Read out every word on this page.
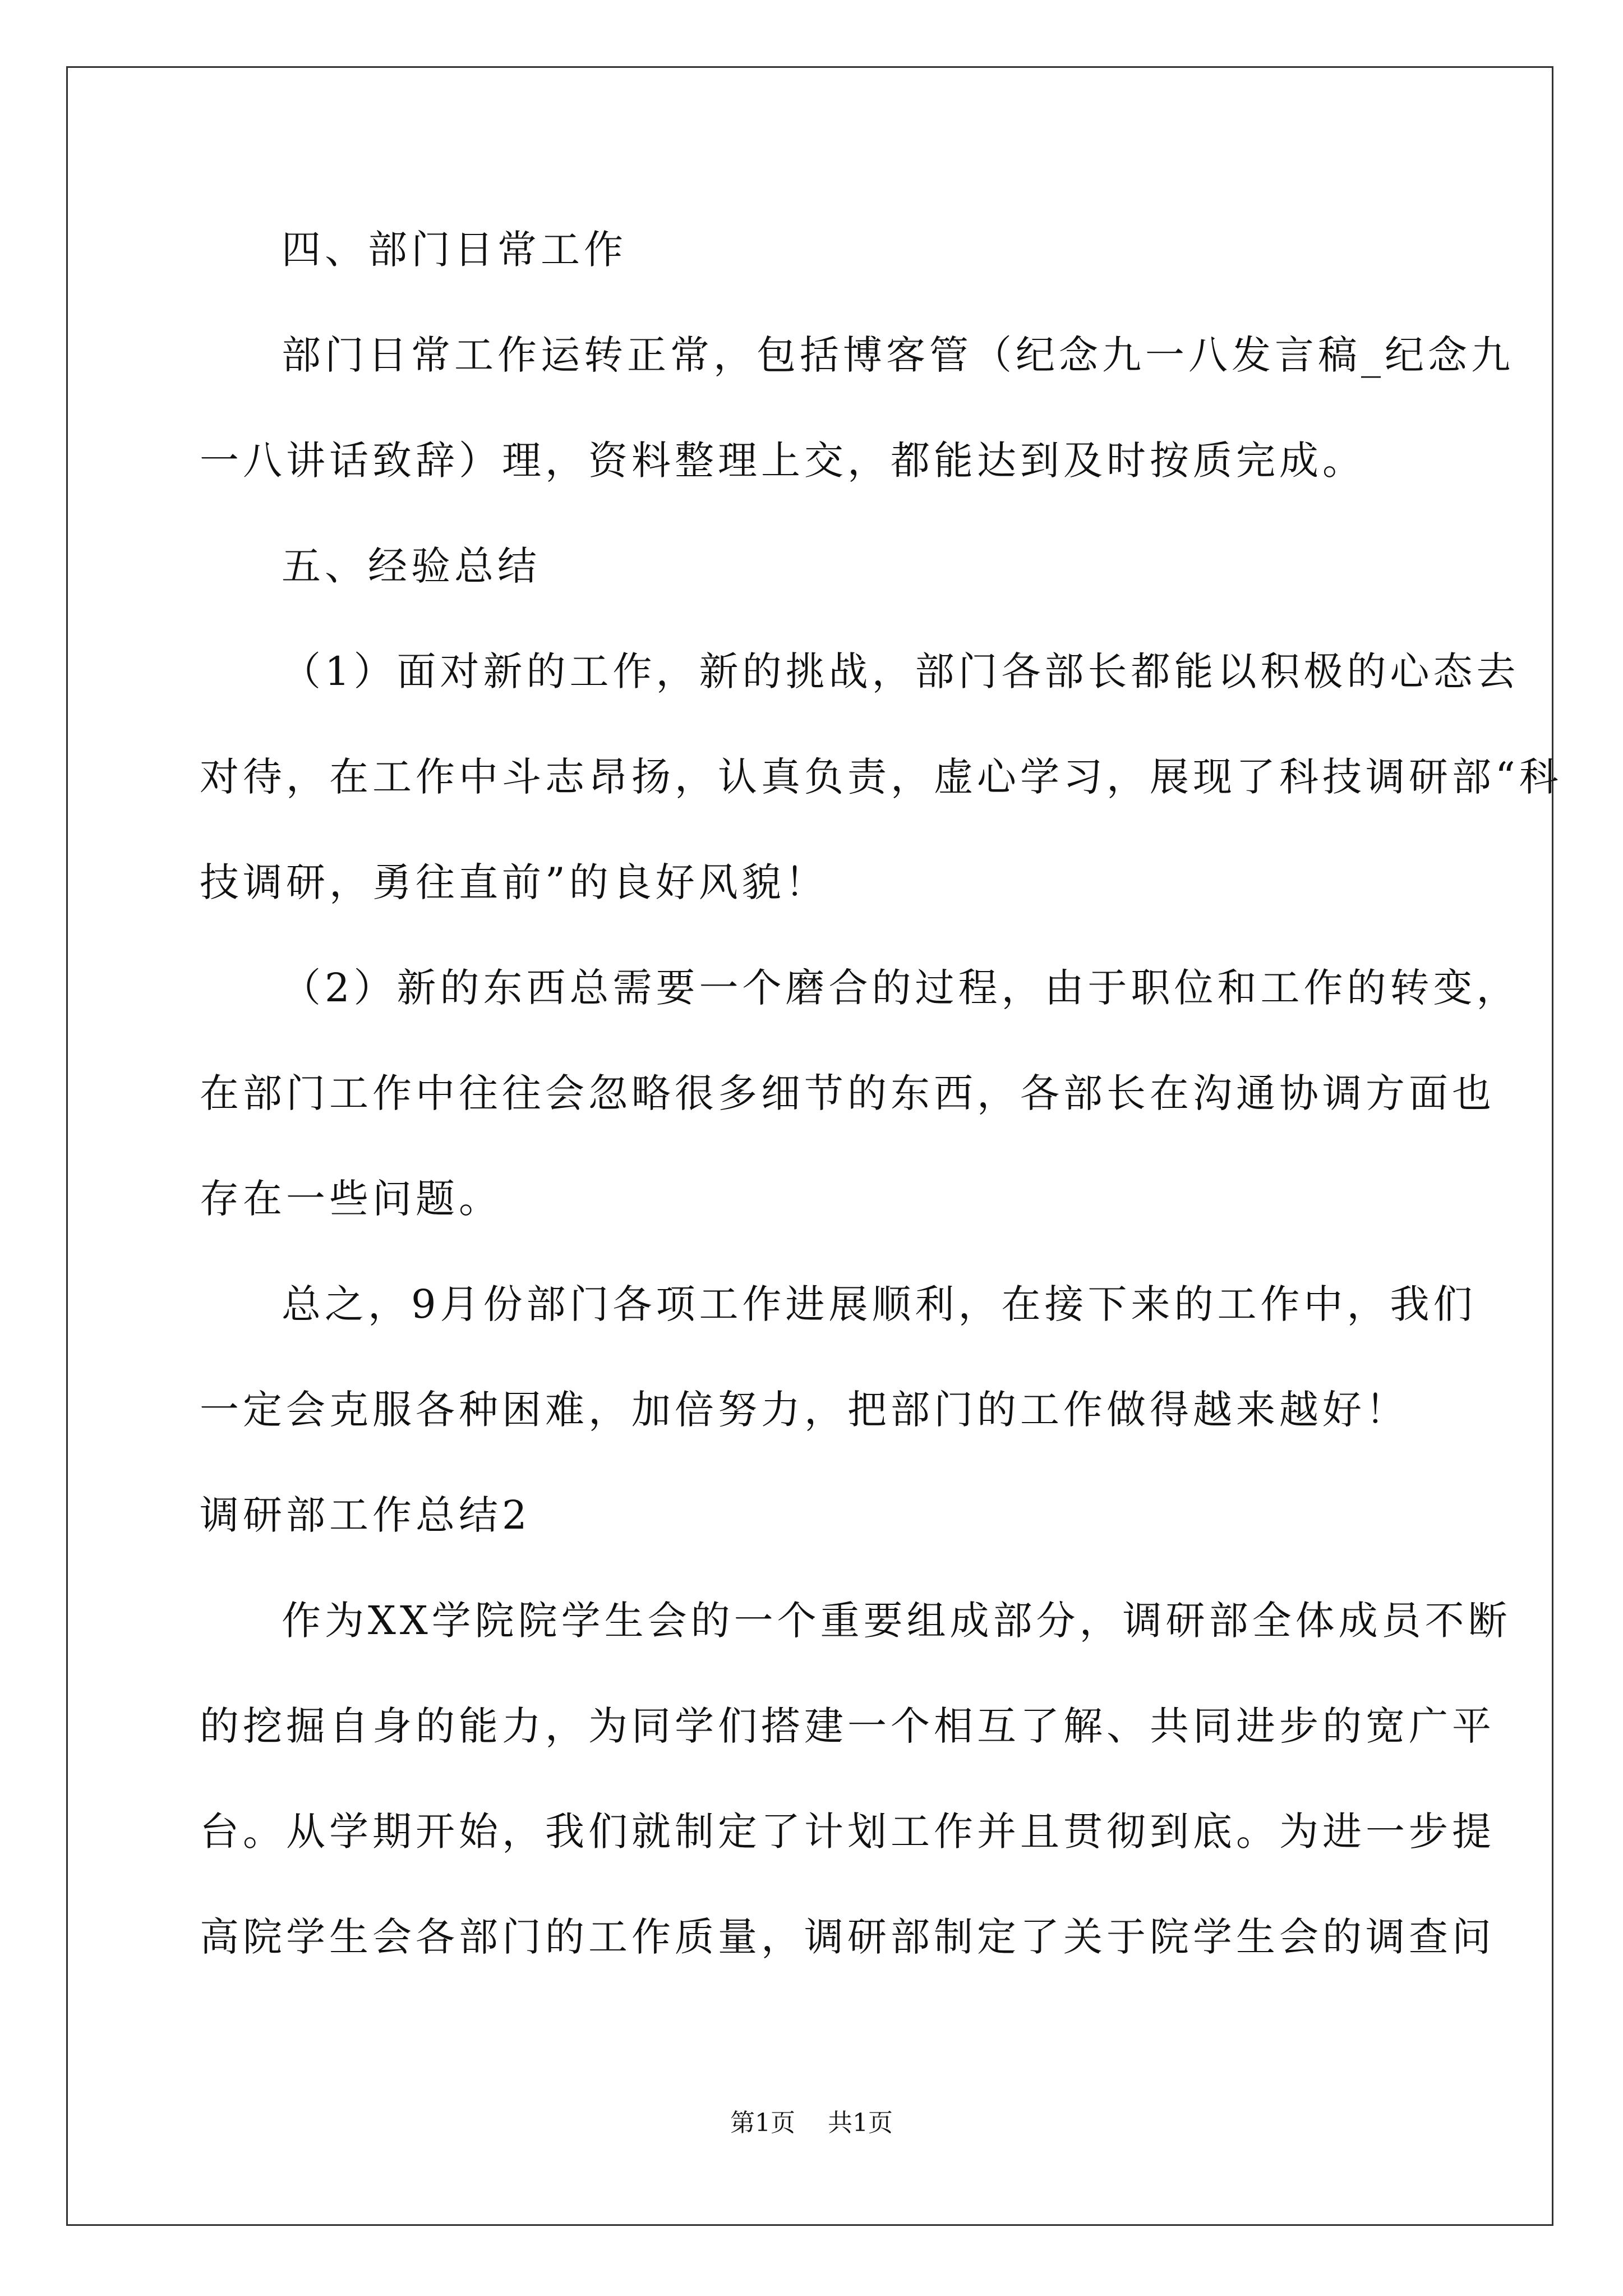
四、部门日常工作
部门日常工作运转正常，包括博客管（纪念九一八发言稿_纪念九
一八讲话致辞）理，资料整理上交，都能达到及时按质完成。
五、经验总结
（1）面对新的工作，新的挑战，部门各部长都能以积极的心态去
对待，在工作中斗志昂扬，认真负责，虚心学习，展现了科技调研部“科
技调研，勇往直前”的良好风貌！
（2）新的东西总需要一个磨合的过程，由于职位和工作的转变，
在部门工作中往往会忽略很多细节的东西，各部长在沟通协调方面也
存在一些问题。
总之，9月份部门各项工作进展顺利，在接下来的工作中，我们
一定会克服各种困难，加倍努力，把部门的工作做得越来越好！
调研部工作总结2
作为XX学院院学生会的一个重要组成部分，调研部全体成员不断
的挖掘自身的能力，为同学们搭建一个相互了解、共同进步的宽广平
台。从学期开始，我们就制定了计划工作并且贯彻到底。为进一步提
高院学生会各部门的工作质量，调研部制定了关于院学生会的调查问
第1页 共1页
